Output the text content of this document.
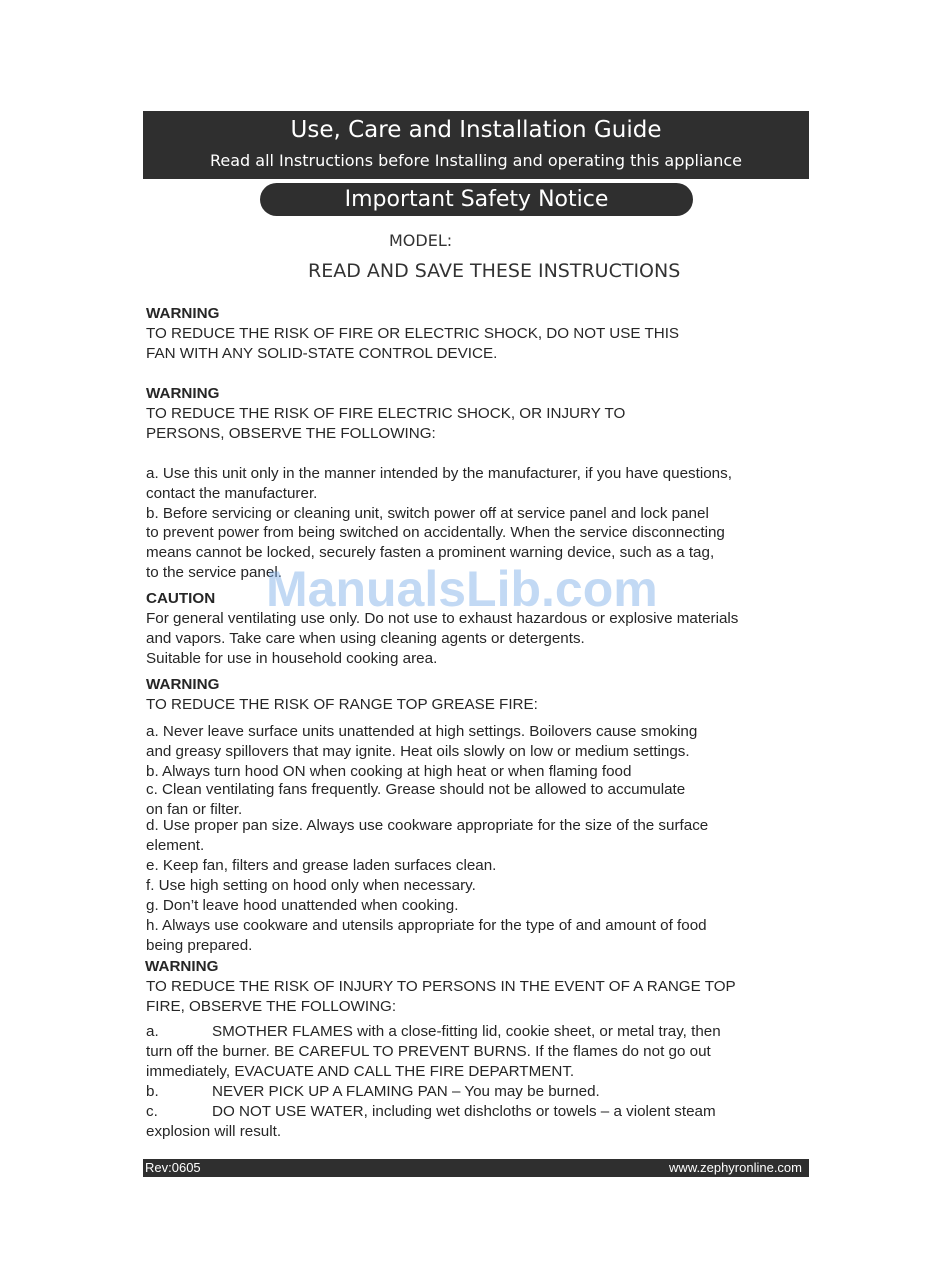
Use, Care and Installation Guide
Read all Instructions before Installing and operating this appliance
Important Safety Notice
MODEL:
READ AND SAVE THESE INSTRUCTIONS
WARNING
TO REDUCE THE RISK OF FIRE OR ELECTRIC SHOCK, DO NOT USE THIS
FAN WITH ANY SOLID-STATE CONTROL DEVICE.
WARNING
TO REDUCE THE RISK OF FIRE ELECTRIC SHOCK, OR INJURY TO
PERSONS, OBSERVE THE FOLLOWING:
a. Use this unit only in the manner intended by the manufacturer, if you have questions,
contact the manufacturer.
b. Before servicing or cleaning unit, switch power off at service panel and lock panel
to prevent power from being switched on accidentally. When the service disconnecting
means cannot be locked, securely fasten a prominent warning device, such as a tag,
to the service panel.
CAUTION
For general ventilating use only. Do not use to exhaust hazardous or explosive materials
and vapors. Take care when using cleaning agents or detergents.
Suitable for use in household cooking area.
WARNING
TO REDUCE THE RISK OF RANGE TOP GREASE FIRE:
a. Never leave surface units unattended at high settings. Boilovers cause smoking
and greasy spillovers that may ignite. Heat oils slowly on low or medium settings.
b. Always turn hood ON when cooking at high heat or when flaming food
c. Clean ventilating fans frequently. Grease should not be allowed to accumulate
on fan or filter.
d. Use proper pan size. Always use cookware appropriate for the size of the surface
element.
e. Keep fan, filters and grease laden surfaces clean.
f. Use high setting on hood only when necessary.
g. Don’t leave hood unattended when cooking.
h. Always use cookware and utensils appropriate for the type of and amount of food
being prepared.
WARNING
TO REDUCE THE RISK OF INJURY TO PERSONS IN THE EVENT OF A RANGE TOP
FIRE, OBSERVE THE FOLLOWING:
a.	SMOTHER FLAMES with a close-fitting lid, cookie sheet, or metal tray, then
turn off the burner. BE CAREFUL TO PREVENT BURNS. If the flames do not go out
immediately, EVACUATE AND CALL THE FIRE DEPARTMENT.
b.	NEVER PICK UP A FLAMING PAN – You may be burned.
c.	DO NOT USE WATER, including wet dishcloths or towels – a violent steam
explosion will result.
ManualsLib.com
Rev:0605	www.zephyronline.com
